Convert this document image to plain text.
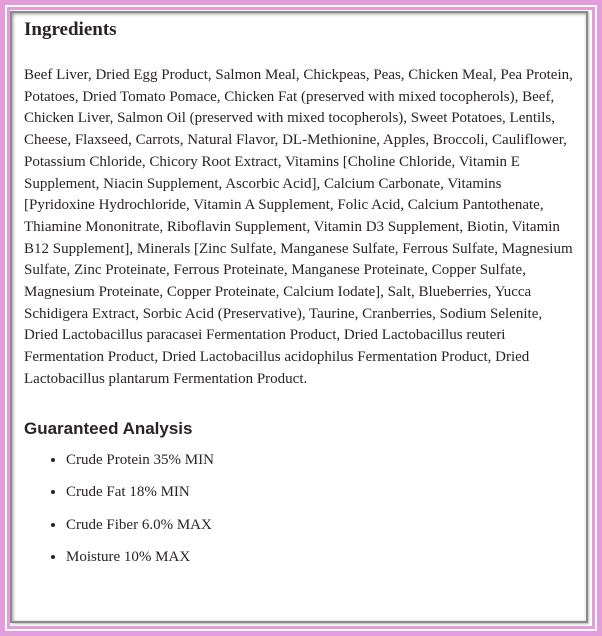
Ingredients

Beef Liver, Dried Egg Product, Salmon Meal, Chickpeas, Peas, Chicken Meal, Pea Protein, Potatoes, Dried Tomato Pomace, Chicken Fat (preserved with mixed tocopherols), Beef, Chicken Liver, Salmon Oil (preserved with mixed tocopherols), Sweet Potatoes, Lentils, Cheese, Flaxseed, Carrots, Natural Flavor, DL-Methionine, Apples, Broccoli, Cauliflower, Potassium Chloride, Chicory Root Extract, Vitamins [Choline Chloride, Vitamin E Supplement, Niacin Supplement, Ascorbic Acid], Calcium Carbonate, Vitamins [Pyridoxine Hydrochloride, Vitamin A Supplement, Folic Acid, Calcium Pantothenate, Thiamine Mononitrate, Riboflavin Supplement, Vitamin D3 Supplement, Biotin, Vitamin B12 Supplement], Minerals [Zinc Sulfate, Manganese Sulfate, Ferrous Sulfate, Magnesium Sulfate, Zinc Proteinate, Ferrous Proteinate, Manganese Proteinate, Copper Sulfate, Magnesium Proteinate, Copper Proteinate, Calcium Iodate], Salt, Blueberries, Yucca Schidigera Extract, Sorbic Acid (Preservative), Taurine, Cranberries, Sodium Selenite, Dried Lactobacillus paracasei Fermentation Product, Dried Lactobacillus reuteri Fermentation Product, Dried Lactobacillus acidophilus Fermentation Product, Dried Lactobacillus plantarum Fermentation Product.

Guaranteed Analysis
• Crude Protein 35% MIN
• Crude Fat 18% MIN
• Crude Fiber 6.0% MAX
• Moisture 10% MAX
